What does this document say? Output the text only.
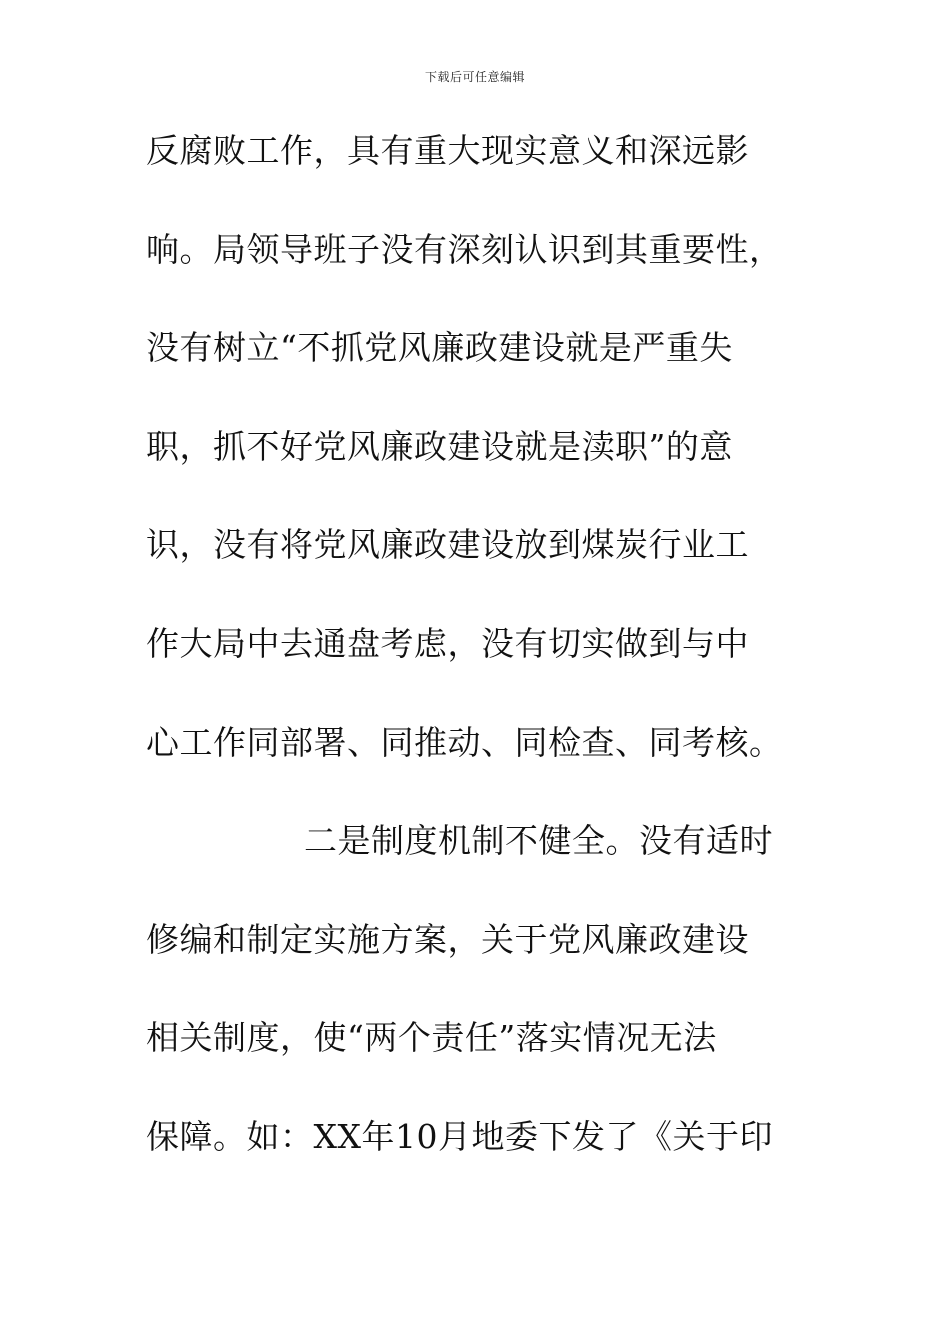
下载后可任意编辑
反腐败工作，具有重大现实意义和深远影
响。局领导班子没有深刻认识到其重要性，
没有树立“不抓党风廉政建设就是严重失
职，抓不好党风廉政建设就是渎职”的意
识，没有将党风廉政建设放到煤炭行业工
作大局中去通盘考虑，没有切实做到与中
心工作同部署、同推动、同检查、同考核。
二是制度机制不健全。没有适时
修编和制定实施方案，关于党风廉政建设
相关制度，使“两个责任”落实情况无法
保障。如：XX年10月地委下发了《关于印
